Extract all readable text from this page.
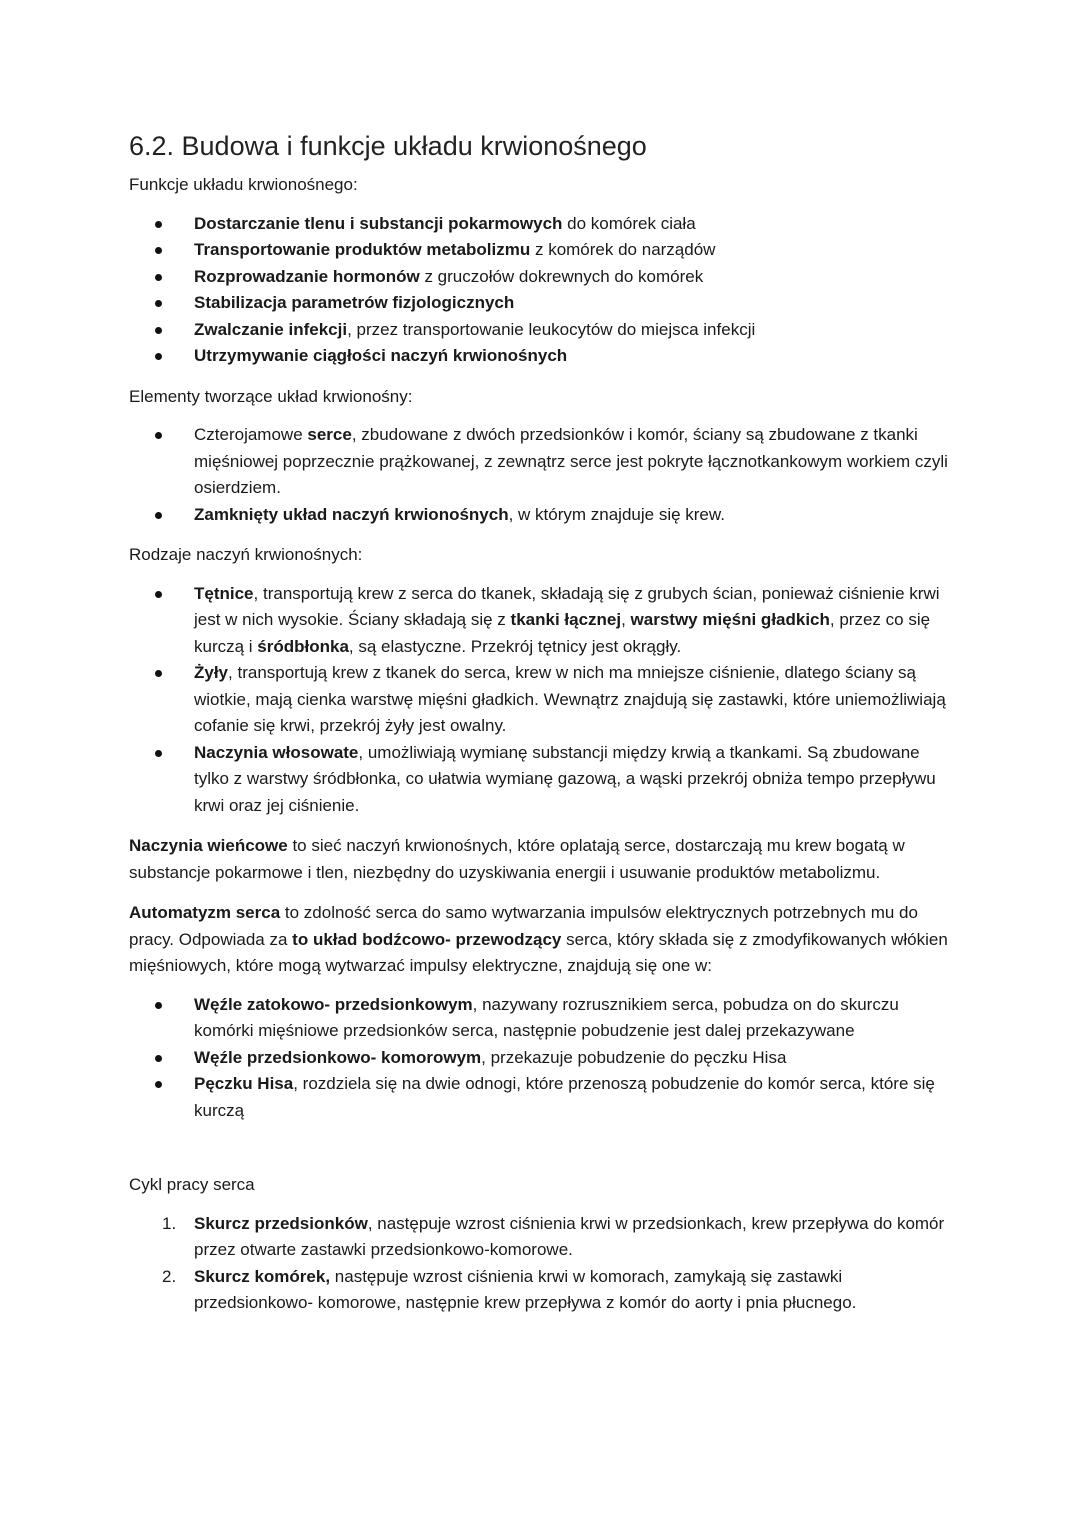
6.2. Budowa i funkcje układu krwionośnego

Funkcje układu krwionośnego:

Dostarczanie tlenu i substancji pokarmowych do komórek ciała
Transportowanie produktów metabolizmu z komórek do narządów
Rozprowadzanie hormonów z gruczołów dokrewnych do komórek
Stabilizacja parametrów fizjologicznych
Zwalczanie infekcji, przez transportowanie leukocytów do miejsca infekcji
Utrzymywanie ciągłości naczyń krwionośnych

Elementy tworzące układ krwionośny:

Czterojamowe serce, zbudowane z dwóch przedsionków i komór, ściany są zbudowane z tkanki mięśniowej poprzecznie prążkowanej, z zewnątrz serce jest pokryte łącznotkankowym workiem czyli osierdziem.
Zamknięty układ naczyń krwionośnych, w którym znajduje się krew.

Rodzaje naczyń krwionośnych:

Tętnice, transportują krew z serca do tkanek, składają się z grubych ścian, ponieważ ciśnienie krwi jest w nich wysokie. Ściany składają się z tkanki łącznej, warstwy mięśni gładkich, przez co się kurczą i śródbłonka, są elastyczne. Przekrój tętnicy jest okrągły.
Żyły, transportują krew z tkanek do serca, krew w nich ma mniejsze ciśnienie, dlatego ściany są wiotkie, mają cienka warstwę mięśni gładkich. Wewnątrz znajdują się zastawki, które uniemożliwiają cofanie się krwi, przekrój żyły jest owalny.
Naczynia włosowate, umożliwiają wymianę substancji między krwią a tkankami. Są zbudowane tylko z warstwy śródbłonka, co ułatwia wymianę gazową, a wąski przekrój obniża tempo przepływu krwi oraz jej ciśnienie.

Naczynia wieńcowe to sieć naczyń krwionośnych, które oplatają serce, dostarczają mu krew bogatą w substancje pokarmowe i tlen, niezbędny do uzyskiwania energii i usuwanie produktów metabolizmu.

Automatyzm serca to zdolność serca do samo wytwarzania impulsów elektrycznych potrzebnych mu do pracy. Odpowiada za to układ bodźcowo- przewodzący serca, który składa się z zmodyfikowanych włókien mięśniowych, które mogą wytwarzać impulsy elektryczne, znajdują się one w:

Węźle zatokowo- przedsionkowym, nazywany rozrusznikiem serca, pobudza on do skurczu komórki mięśniowe przedsionków serca, następnie pobudzenie jest dalej przekazywane
Węźle przedsionkowo- komorowym, przekazuje pobudzenie do pęczku Hisa
Pęczku Hisa, rozdziela się na dwie odnogi, które przenoszą pobudzenie do komór serca, które się kurczą

Cykl pracy serca

1. Skurcz przedsionków, następuje wzrost ciśnienia krwi w przedsionkach, krew przepływa do komór przez otwarte zastawki przedsionkowo-komorowe.
2. Skurcz komórek, następuje wzrost ciśnienia krwi w komorach, zamykają się zastawki przedsionkowo- komorowe, następnie krew przepływa z komór do aorty i pnia płucnego.
